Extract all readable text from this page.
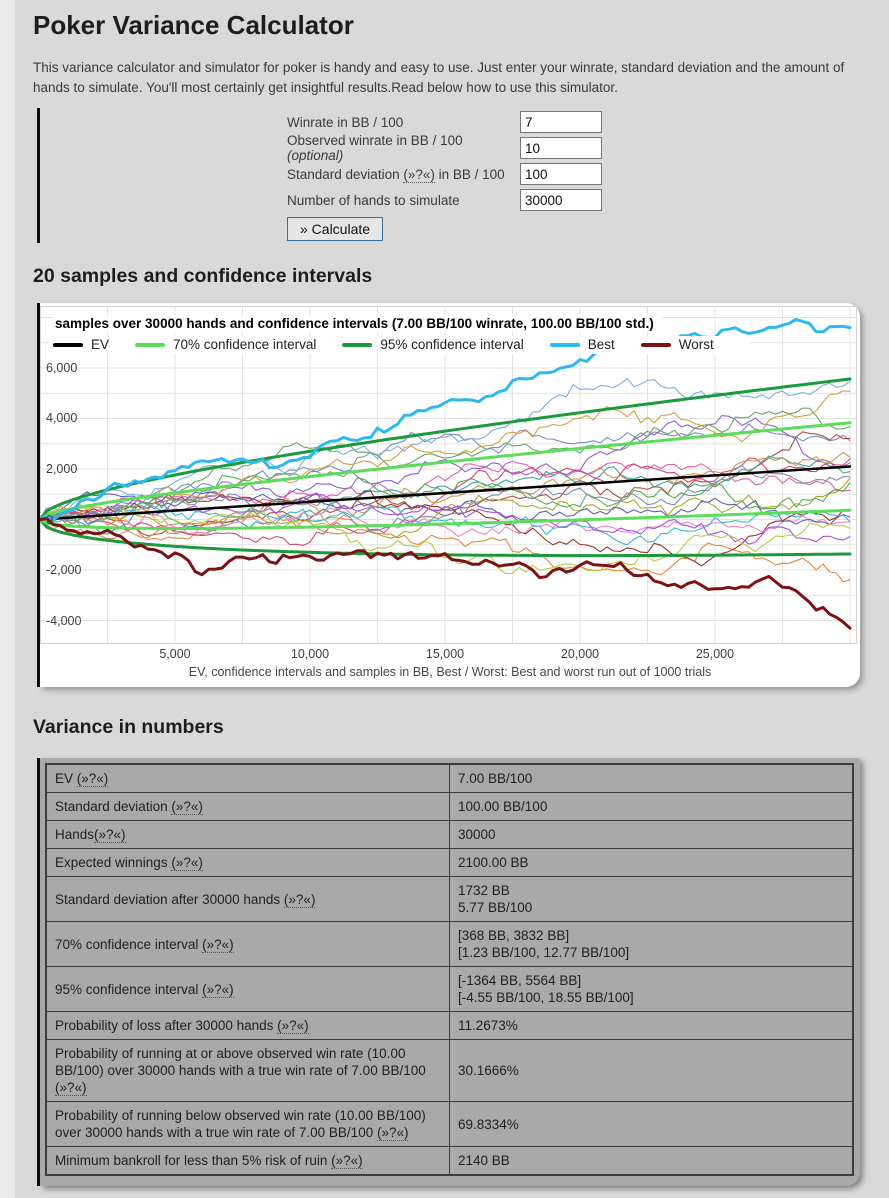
Poker Variance Calculator

This variance calculator and simulator for poker is handy and easy to use. Just enter your winrate, standard deviation and the amount of hands to simulate. You'll most certainly get insightful results.Read below how to use this simulator.

Winrate in BB / 100
7
Observed winrate in BB / 100 (optional)
10
Standard deviation (»?«) in BB / 100
100
Number of hands to simulate
30000
» Calculate
20 samples and confidence intervals
6,000
4,000
2,000
0
-2,000
-4,000
samples over 30000 hands and confidence intervals (7.00 BB/100 winrate, 100.00 BB/100 std.)
EV	70% confidence interval	95% confidence interval	Best	Worst
5,000	10,000	15,000	20,000	25,000
EV, confidence intervals and samples in BB, Best / Worst: Best and worst run out of 1000 trials
Variance in numbers
EV (»?«)	7.00 BB/100

Standard deviation (»?«)	100.00 BB/100

Hands(»?«)	30000

Expected winnings (»?«)	2100.00 BB

Standard deviation after 30000 hands (»?«)	1732 BB
5.77 BB/100

70% confidence interval (»?«)	[368 BB, 3832 BB]
[1.23 BB/100, 12.77 BB/100]

95% confidence interval (»?«)	[-1364 BB, 5564 BB]
[-4.55 BB/100, 18.55 BB/100]

Probability of loss after 30000 hands (»?«)	11.2673%

Probability of running at or above observed win rate (10.00 BB/100) over 30000 hands with a true win rate of 7.00 BB/100 (»?«)	30.1666%

Probability of running below observed win rate (10.00 BB/100) over 30000 hands with a true win rate of 7.00 BB/100 (»?«)	69.8334%

Minimum bankroll for less than 5% risk of ruin (»?«)	2140 BB
